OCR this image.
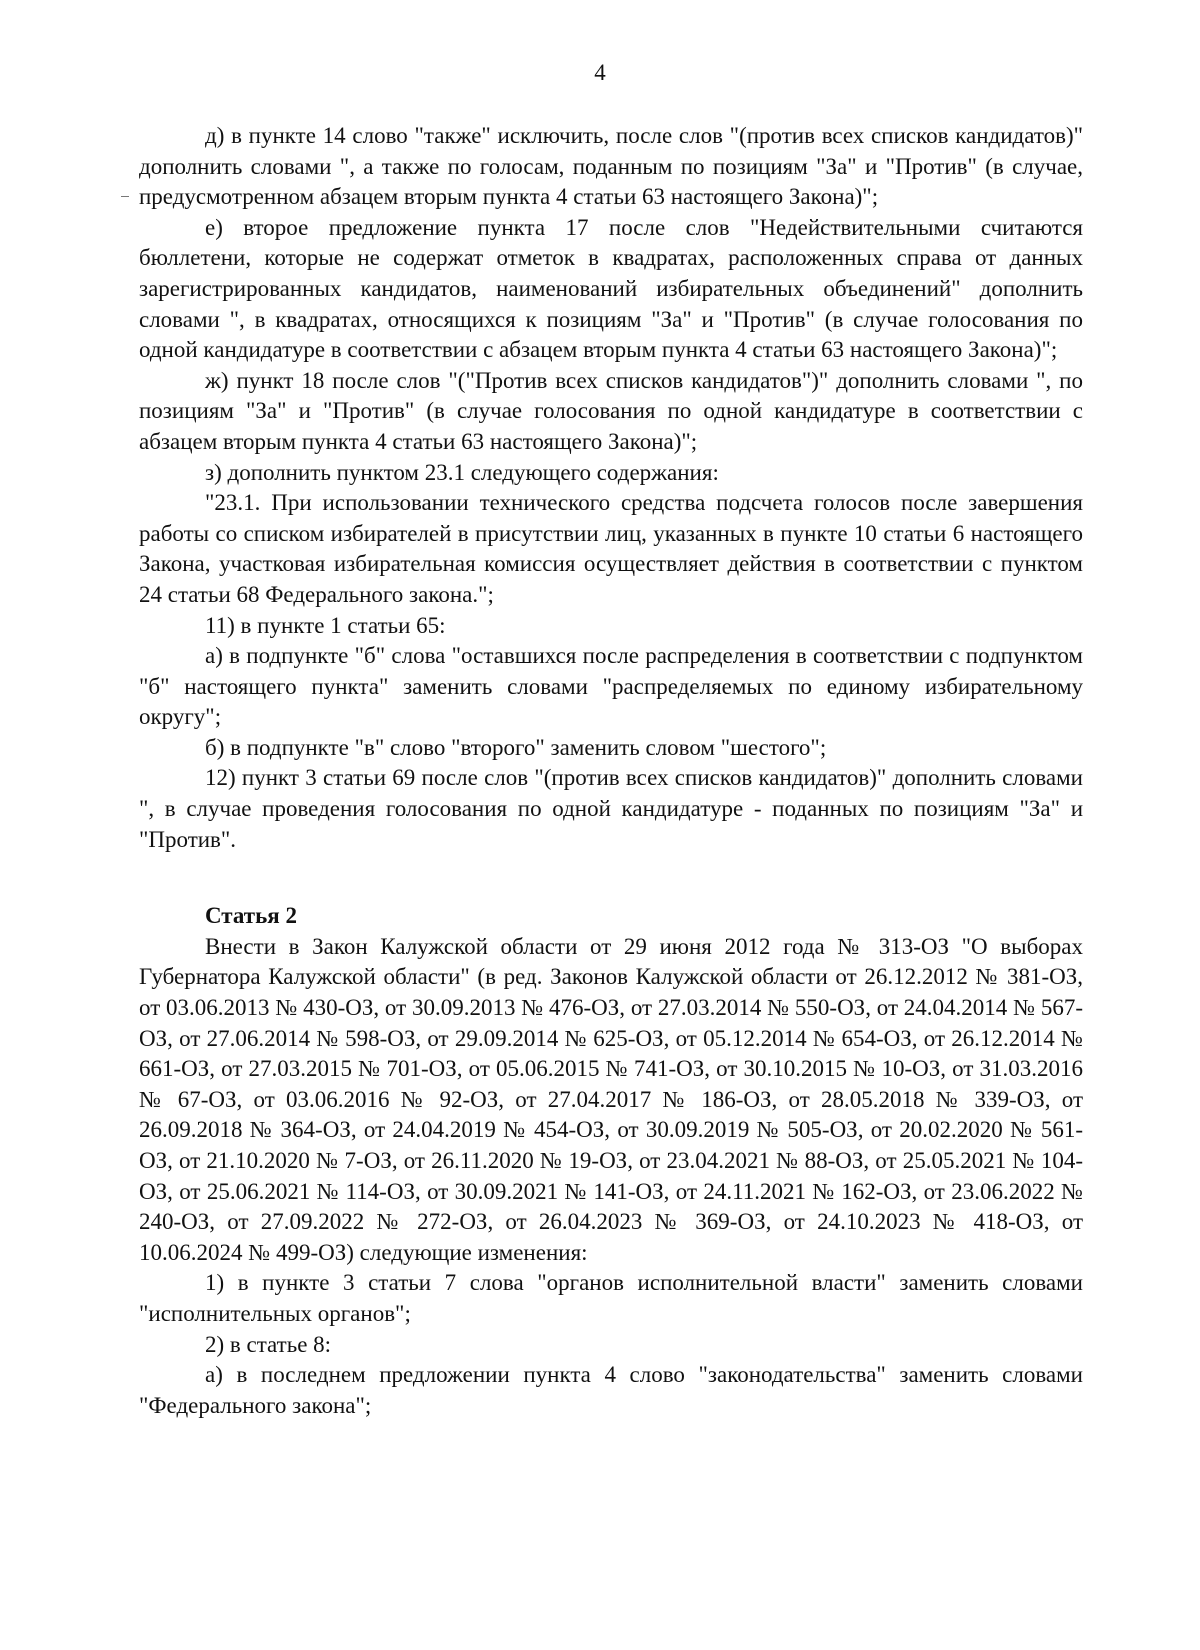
4

д) в пункте 14 слово "также" исключить, после слов "(против всех списков кандидатов)" дополнить словами ", а также по голосам, поданным по позициям "За" и "Против" (в случае, предусмотренном абзацем вторым пункта 4 статьи 63 настоящего Закона)";

е) второе предложение пункта 17 после слов "Недействительными считаются бюллетени, которые не содержат отметок в квадратах, расположенных справа от данных зарегистрированных кандидатов, наименований избирательных объединений" дополнить словами ", в квадратах, относящихся к позициям "За" и "Против" (в случае голосования по одной кандидатуре в соответствии с абзацем вторым пункта 4 статьи 63 настоящего Закона)";

ж) пункт 18 после слов "("Против всех списков кандидатов")" дополнить словами ", по позициям "За" и "Против" (в случае голосования по одной кандидатуре в соответствии с абзацем вторым пункта 4 статьи 63 настоящего Закона)";

з) дополнить пунктом 23.1 следующего содержания:

"23.1. При использовании технического средства подсчета голосов после завершения работы со списком избирателей в присутствии лиц, указанных в пункте 10 статьи 6 настоящего Закона, участковая избирательная комиссия осуществляет действия в соответствии с пунктом 24 статьи 68 Федерального закона.";

11) в пункте 1 статьи 65:

а) в подпункте "б" слова "оставшихся после распределения в соответствии с подпунктом "б" настоящего пункта" заменить словами "распределяемых по единому избирательному округу";

б) в подпункте "в" слово "второго" заменить словом "шестого";

12) пункт 3 статьи 69 после слов "(против всех списков кандидатов)" дополнить словами ", в случае проведения голосования по одной кандидатуре - поданных по позициям "За" и "Против".

Статья 2

Внести в Закон Калужской области от 29 июня 2012 года № 313-ОЗ "О выборах Губернатора Калужской области" (в ред. Законов Калужской области от 26.12.2012 № 381-ОЗ, от 03.06.2013 № 430-ОЗ, от 30.09.2013 № 476-ОЗ, от 27.03.2014 № 550-ОЗ, от 24.04.2014 № 567-ОЗ, от 27.06.2014 № 598-ОЗ, от 29.09.2014 № 625-ОЗ, от 05.12.2014 № 654-ОЗ, от 26.12.2014 № 661-ОЗ, от 27.03.2015 № 701-ОЗ, от 05.06.2015 № 741-ОЗ, от 30.10.2015 № 10-ОЗ, от 31.03.2016 № 67-ОЗ, от 03.06.2016 № 92-ОЗ, от 27.04.2017 № 186-ОЗ, от 28.05.2018 № 339-ОЗ, от 26.09.2018 № 364-ОЗ, от 24.04.2019 № 454-ОЗ, от 30.09.2019 № 505-ОЗ, от 20.02.2020 № 561-ОЗ, от 21.10.2020 № 7-ОЗ, от 26.11.2020 № 19-ОЗ, от 23.04.2021 № 88-ОЗ, от 25.05.2021 № 104-ОЗ, от 25.06.2021 № 114-ОЗ, от 30.09.2021 № 141-ОЗ, от 24.11.2021 № 162-ОЗ, от 23.06.2022 № 240-ОЗ, от 27.09.2022 № 272-ОЗ, от 26.04.2023 № 369-ОЗ, от 24.10.2023 № 418-ОЗ, от 10.06.2024 № 499-ОЗ) следующие изменения:

1) в пункте 3 статьи 7 слова "органов исполнительной власти" заменить словами "исполнительных органов";

2) в статье 8:

а) в последнем предложении пункта 4 слово "законодательства" заменить словами "Федерального закона";
